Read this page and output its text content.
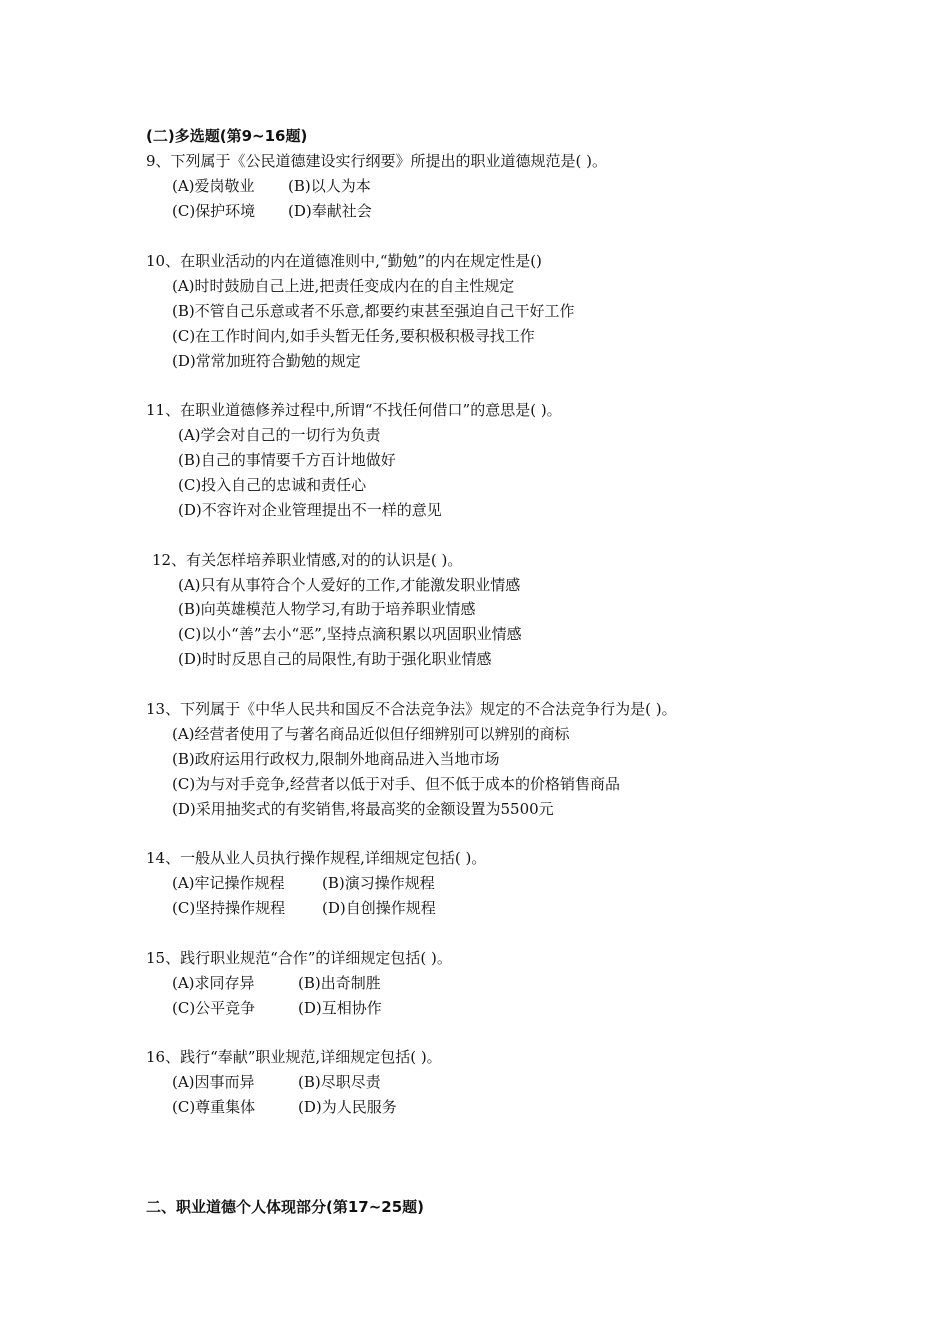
(二)多选题(第9~16题)
9、下列属于《公民道德建设实行纲要》所提出的职业道德规范是( )。
(A)爱岗敬业 (B)以人为本
(C)保护环境 (D)奉献社会
10、在职业活动的内在道德准则中,“勤勉”的内在规定性是()
(A)时时鼓励自己上进,把责任变成内在的自主性规定
(B)不管自己乐意或者不乐意,都要约束甚至强迫自己干好工作
(C)在工作时间内,如手头暂无任务,要积极积极寻找工作
(D)常常加班符合勤勉的规定
11、在职业道德修养过程中,所谓“不找任何借口”的意思是( )。
(A)学会对自己的一切行为负责
(B)自己的事情要千方百计地做好
(C)投入自己的忠诚和责任心
(D)不容许对企业管理提出不一样的意见
12、有关怎样培养职业情感,对的的认识是( )。
(A)只有从事符合个人爱好的工作,才能激发职业情感
(B)向英雄模范人物学习,有助于培养职业情感
(C)以小“善”去小“恶”,坚持点滴积累以巩固职业情感
(D)时时反思自己的局限性,有助于强化职业情感
13、下列属于《中华人民共和国反不合法竞争法》规定的不合法竞争行为是( )。
(A)经营者使用了与著名商品近似但仔细辨别可以辨别的商标
(B)政府运用行政权力,限制外地商品进入当地市场
(C)为与对手竞争,经营者以低于对手、但不低于成本的价格销售商品
(D)采用抽奖式的有奖销售,将最高奖的金额设置为5500元
14、一般从业人员执行操作规程,详细规定包括( )。
(A)牢记操作规程 (B)演习操作规程
(C)坚持操作规程 (D)自创操作规程
15、践行职业规范“合作”的详细规定包括( )。
(A)求同存异	(B)出奇制胜
(C)公平竞争	(D)互相协作
16、践行“奉献”职业规范,详细规定包括( )。
(A)因事而异	(B)尽职尽责
(C)尊重集体	(D)为人民服务
二、职业道德个人体现部分(第17~25题)
